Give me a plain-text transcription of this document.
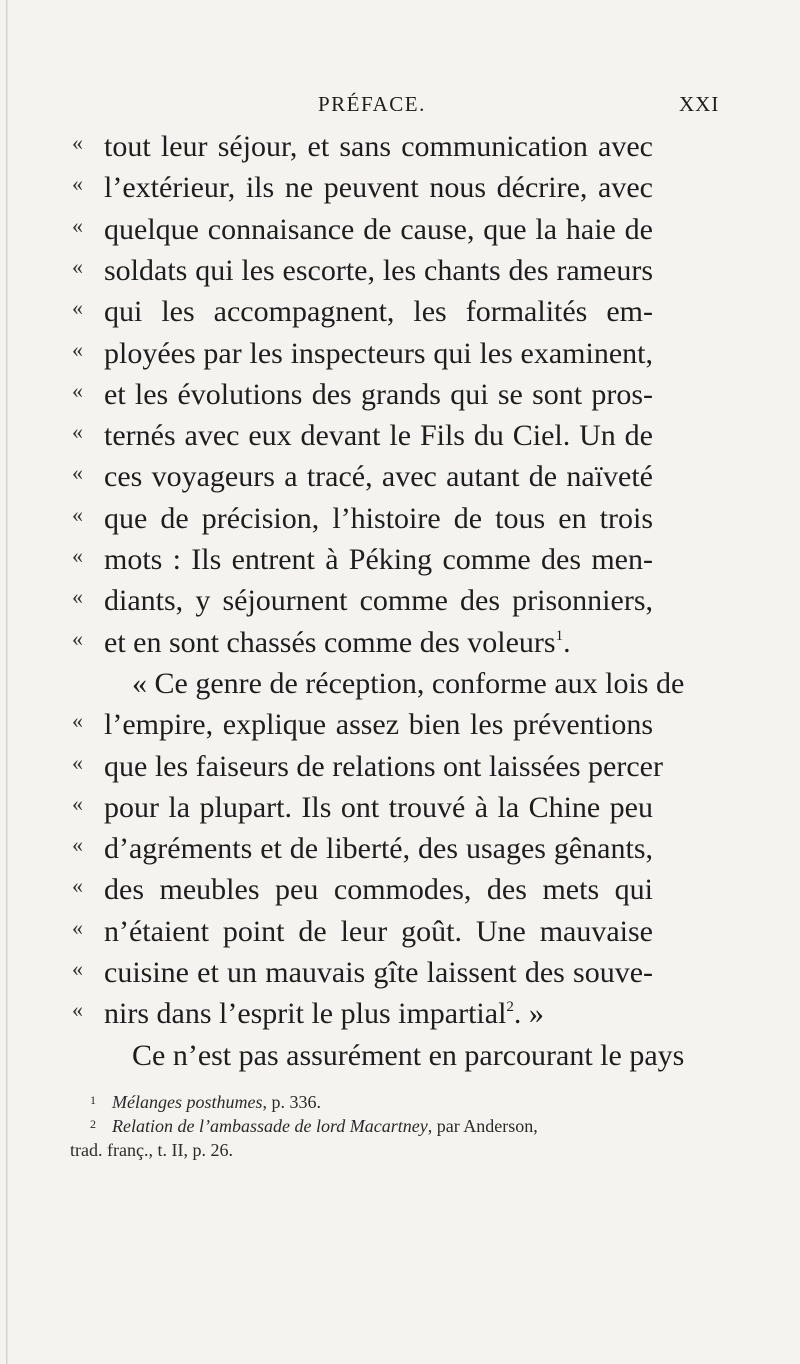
PRÉFACE.	XXI
« tout leur séjour, et sans communication avec
« l’extérieur, ils ne peuvent nous décrire, avec
« quelque connaisance de cause, que la haie de
« soldats qui les escorte, les chants des rameurs
« qui les accompagnent, les formalités em-
« ployées par les inspecteurs qui les examinent,
« et les évolutions des grands qui se sont pros-
« ternés avec eux devant le Fils du Ciel. Un de
« ces voyageurs a tracé, avec autant de naïveté
« que de précision, l’histoire de tous en trois
« mots : Ils entrent à Péking comme des men-
« diants, y séjournent comme des prisonniers,
« et en sont chassés comme des voleurs$^1$.
« Ce genre de réception, conforme aux lois de
« l’empire, explique assez bien les préventions
« que les faiseurs de relations ont laissées percer
« pour la plupart. Ils ont trouvé à la Chine peu
« d’agréments et de liberté, des usages gênants,
« des meubles peu commodes, des mets qui
« n’étaient point de leur goût. Une mauvaise
« cuisine et un mauvais gîte laissent des souve-
« nirs dans l’esprit le plus impartial$^2$. »
Ce n’est pas assurément en parcourant le pays
1 Mélanges posthumes, p. 336.
2 Relation de l’ambassade de lord Macartney, par Anderson,
trad. franç., t. II, p. 26.
